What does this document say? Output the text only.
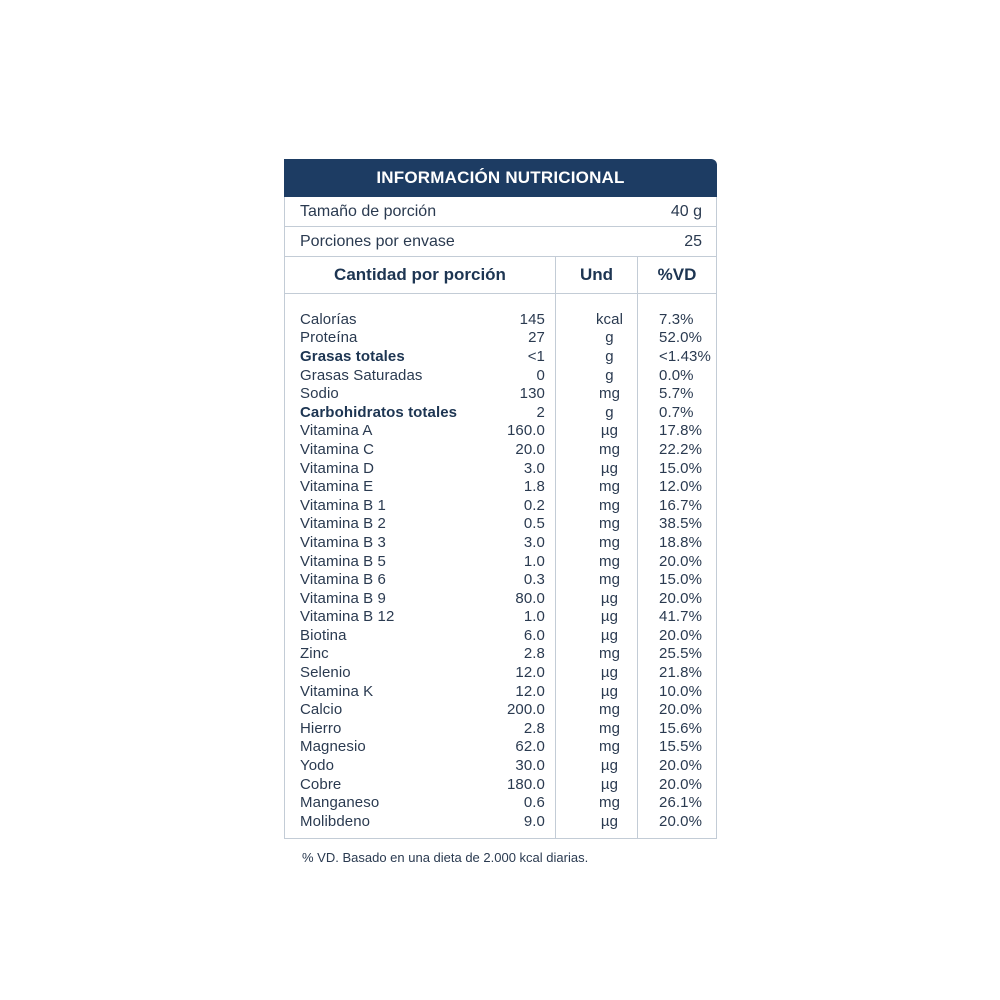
INFORMACIÓN NUTRICIONAL
Tamaño de porción	40 g
Porciones por envase	25
Cantidad por porción	Und	%VD
Calorías	145	kcal	7.3%
Proteína	27	g	52.0%
Grasas totales	<1	g	<1.43%
Grasas Saturadas	0	g	0.0%
Sodio	130	mg	5.7%
Carbohidratos totales	2	g	0.7%
Vitamina A	160.0	µg	17.8%
Vitamina C	20.0	mg	22.2%
Vitamina D	3.0	µg	15.0%
Vitamina E	1.8	mg	12.0%
Vitamina B 1	0.2	mg	16.7%
Vitamina B 2	0.5	mg	38.5%
Vitamina B 3	3.0	mg	18.8%
Vitamina B 5	1.0	mg	20.0%
Vitamina B 6	0.3	mg	15.0%
Vitamina B 9	80.0	µg	20.0%
Vitamina B 12	1.0	µg	41.7%
Biotina	6.0	µg	20.0%
Zinc	2.8	mg	25.5%
Selenio	12.0	µg	21.8%
Vitamina K	12.0	µg	10.0%
Calcio	200.0	mg	20.0%
Hierro	2.8	mg	15.6%
Magnesio	62.0	mg	15.5%
Yodo	30.0	µg	20.0%
Cobre	180.0	µg	20.0%
Manganeso	0.6	mg	26.1%
Molibdeno	9.0	µg	20.0%
% VD. Basado en una dieta de 2.000 kcal diarias.
